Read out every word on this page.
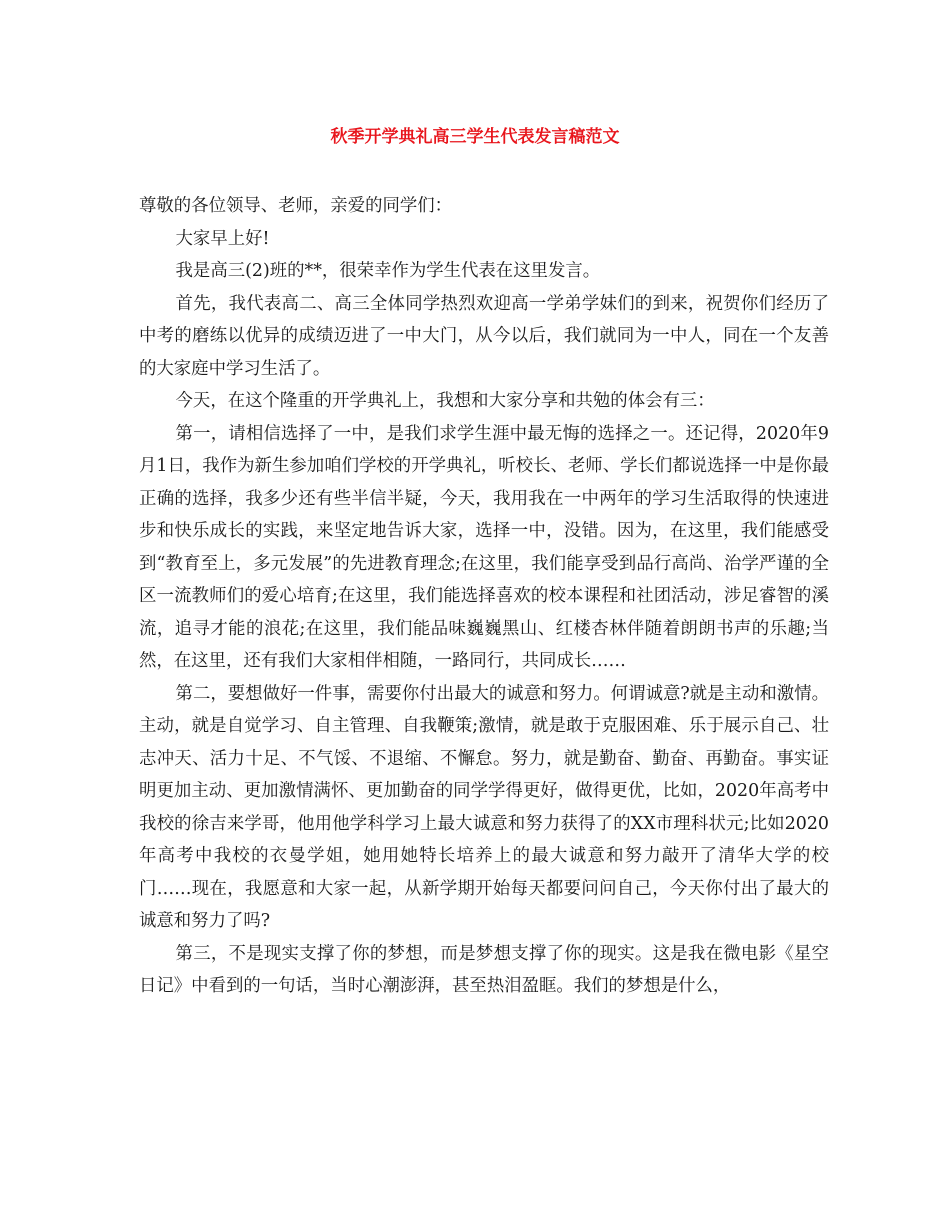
秋季开学典礼高三学生代表发言稿范文

尊敬的各位领导、老师，亲爱的同学们：

大家早上好!

我是高三(2)班的**，很荣幸作为学生代表在这里发言。

首先，我代表高二、高三全体同学热烈欢迎高一学弟学妹们的到来，祝贺你们经历了中考的磨练以优异的成绩迈进了一中大门，从今以后，我们就同为一中人，同在一个友善的大家庭中学习生活了。

今天，在这个隆重的开学典礼上，我想和大家分享和共勉的体会有三：

第一，请相信选择了一中，是我们求学生涯中最无悔的选择之一。还记得，2020年9月1日，我作为新生参加咱们学校的开学典礼，听校长、老师、学长们都说选择一中是你最正确的选择，我多少还有些半信半疑，今天，我用我在一中两年的学习生活取得的快速进步和快乐成长的实践，来坚定地告诉大家，选择一中，没错。因为，在这里，我们能感受到“教育至上，多元发展”的先进教育理念;在这里，我们能享受到品行高尚、治学严谨的全区一流教师们的爱心培育;在这里，我们能选择喜欢的校本课程和社团活动，涉足睿智的溪流，追寻才能的浪花;在这里，我们能品味巍巍黑山、红楼杏林伴随着朗朗书声的乐趣;当然，在这里，还有我们大家相伴相随，一路同行，共同成长……

第二，要想做好一件事，需要你付出最大的诚意和努力。何谓诚意?就是主动和激情。主动，就是自觉学习、自主管理、自我鞭策;激情，就是敢于克服困难、乐于展示自己、壮志冲天、活力十足、不气馁、不退缩、不懈怠。努力，就是勤奋、勤奋、再勤奋。事实证明更加主动、更加激情满怀、更加勤奋的同学学得更好，做得更优，比如，2020年高考中我校的徐吉来学哥，他用他学科学习上最大诚意和努力获得了的XX市理科状元;比如2020年高考中我校的衣曼学姐，她用她特长培养上的最大诚意和努力敲开了清华大学的校门……现在，我愿意和大家一起，从新学期开始每天都要问问自己，今天你付出了最大的诚意和努力了吗?

第三，不是现实支撑了你的梦想，而是梦想支撑了你的现实。这是我在微电影《星空日记》中看到的一句话，当时心潮澎湃，甚至热泪盈眶。我们的梦想是什么，
